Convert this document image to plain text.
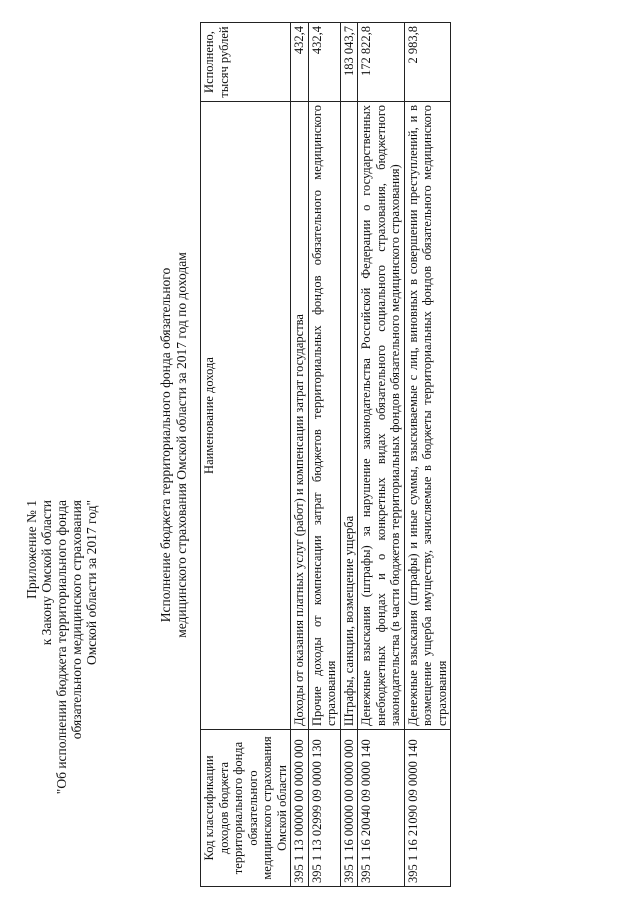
Приложение № 1 к Закону Омской области "Об исполнении бюджета территориального фонда обязательного медицинского страхования Омской области за 2017 год"	Исполнение бюджета территориального фонда обязательного медицинского страхования Омской области за 2017 год по доходам
Код классификации доходов бюджета территориального фонда обязательного медицинского страхования Омской области	Наименование дохода	Исполнено, тысяч рублей
395 1 13 00000 00 0000 000	Доходы от оказания платных услуг (работ) и компенсации затрат государства	432,4
395 1 13 02999 09 0000 130	Прочие доходы от компенсации затрат бюджетов территориальных фондов обязательного медицинского страхования	432,4
395 1 16 00000 00 0000 000	Штрафы, санкции, возмещение ущерба	183 043,7
395 1 16 20040 09 0000 140	Денежные взыскания (штрафы) за нарушение законодательства Российской Федерации о государственных внебюджетных фондах и о конкретных видах обязательного социального страхования, бюджетного законодательства (в части бюджетов территориальных фондов обязательного медицинского страхования)	172 822,8
395 1 16 21090 09 0000 140	Денежные взыскания (штрафы) и иные суммы, взыскиваемые с лиц, виновных в совершении преступлений, и в возмещение ущерба имуществу, зачисляемые в бюджеты территориальных фондов обязательного медицинского страхования	2 983,8
